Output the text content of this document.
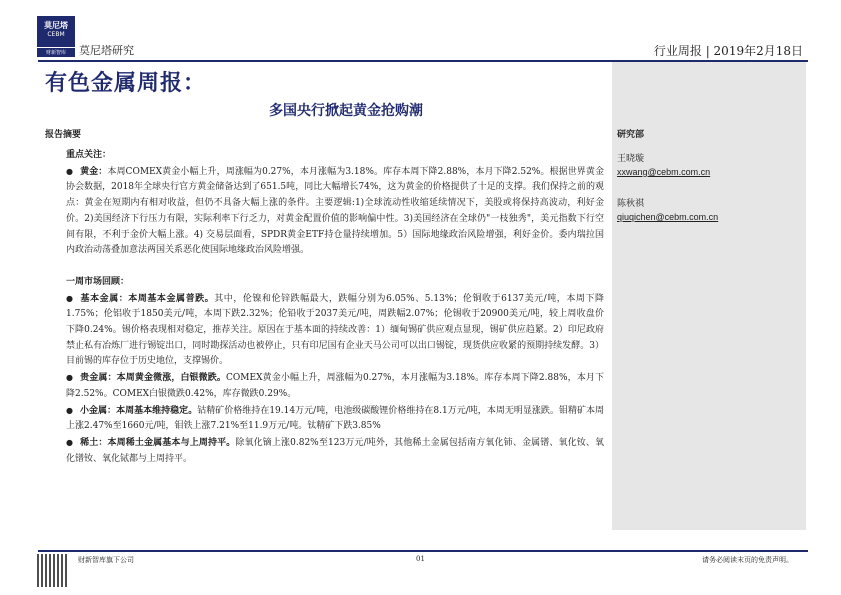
莫尼塔
CEBM
财新智库	莫尼塔研究	行业周报 | 2019年2月18日
有色金属周报：
多国央行掀起黄金抢购潮
报告摘要	研究部
王晓璇
xxwang@cebm.com.cn
陈秋祺
qiuqichen@cebm.com.cn

重点关注：

● 黄金：本周COMEX黄金小幅上升，周涨幅为0.27%，本月涨幅为3.18%。库存本周下降2.88%，本月下降2.52%。根据世界黄金协会数据，2018年全球央行官方黄金储备达到了651.5吨，同比大幅增长74%，这为黄金的价格提供了十足的支撑。我们保持之前的观点：黄金在短期内有相对收益，但仍不具备大幅上涨的条件。主要逻辑:1)全球流动性收缩延续情况下，美股或将保持高波动，利好金价。2)美国经济下行压力有限，实际利率下行乏力，对黄金配置价值的影响偏中性。3)美国经济在全球仍"一枝独秀"，美元指数下行空间有限，不利于金价大幅上涨。4) 交易层面看，SPDR黄金ETF持仓量持续增加。5）国际地缘政治风险增强，利好金价。委内瑞拉国内政治动荡叠加意法两国关系恶化使国际地缘政治风险增强。

一周市场回顾：

● 基本金属：本周基本金属普跌。其中，伦镍和伦锌跌幅最大，跌幅分别为6.05%、5.13%；伦铜收于6137美元/吨，本周下降1.75%；伦铝收于1850美元/吨，本周下跌2.32%；伦铅收于2037美元/吨，周跌幅2.07%；伦锡收于20900美元/吨，较上周收盘价下降0.24%。锡价格表现相对稳定，推荐关注。原因在于基本面的持续改善：1）缅甸锡矿供应观点显现，锡矿供应趋紧。2）印尼政府禁止私有冶炼厂进行锡锭出口，同时勘探活动也被停止，只有印尼国有企业天马公司可以出口锡锭，现货供应收紧的预期持续发酵。3）目前锡的库存位于历史地位，支撑锡价。

● 贵金属：本周黄金微涨，白银微跌。COMEX黄金小幅上升，周涨幅为0.27%，本月涨幅为3.18%。库存本周下降2.88%，本月下降2.52%。COMEX白银微跌0.42%，库存微跌0.29%。

● 小金属：本周基本维持稳定。钴精矿价格维持在19.14万元/吨，电池级碳酸锂价格维持在8.1万元/吨，本周无明显涨跌。钼精矿本周上涨2.47%至1660元/吨，钼铁上涨7.21%至11.9万元/吨。钛精矿下跌3.85%

● 稀土：本周稀土金属基本与上周持平。除氧化镝上涨0.82%至123万元/吨外，其他稀土金属包括南方氧化铈、金属镨、氧化钕、氧化镨钕、氧化铽都与上周持平。

财新智库旗下公司	01	请务必阅读末页的免责声明。
